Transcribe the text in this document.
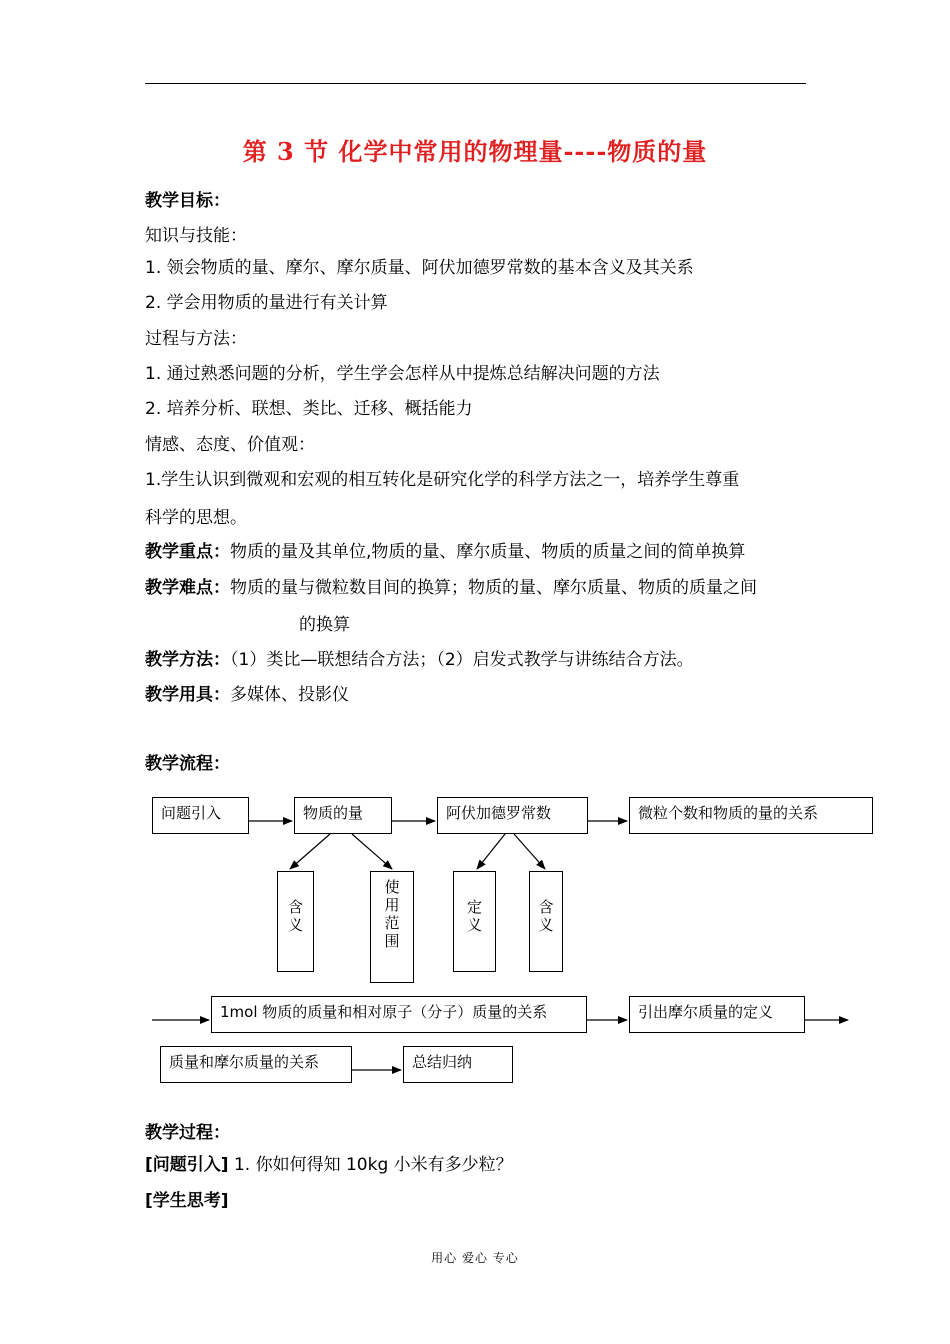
第 3 节 化学中常用的物理量----物质的量
教学目标：
知识与技能：
1. 领会物质的量、摩尔、摩尔质量、阿伏加德罗常数的基本含义及其关系
2. 学会用物质的量进行有关计算
过程与方法：
1. 通过熟悉问题的分析，学生学会怎样从中提炼总结解决问题的方法
2. 培养分析、联想、类比、迁移、概括能力
情感、态度、价值观：
1.学生认识到微观和宏观的相互转化是研究化学的科学方法之一，培养学生尊重
科学的思想。
教学重点：物质的量及其单位,物质的量、摩尔质量、物质的质量之间的简单换算
教学难点：物质的量与微粒数目间的换算；物质的量、摩尔质量、物质的质量之间
的换算
教学方法：（1）类比—联想结合方法；（2）启发式教学与讲练结合方法。
教学用具：多媒体、投影仪
教学流程：
问题引入	物质的量	阿伏加德罗常数	微粒个数和物质的量的关系
含义
使用范围
定义
含义
1mol 物质的质量和相对原子（分子）质量的关系	引出摩尔质量的定义
质量和摩尔质量的关系	总结归纳
教学过程：
[问题引入] 1. 你如何得知 10kg 小米有多少粒？
[学生思考]
用心 爱心 专心
